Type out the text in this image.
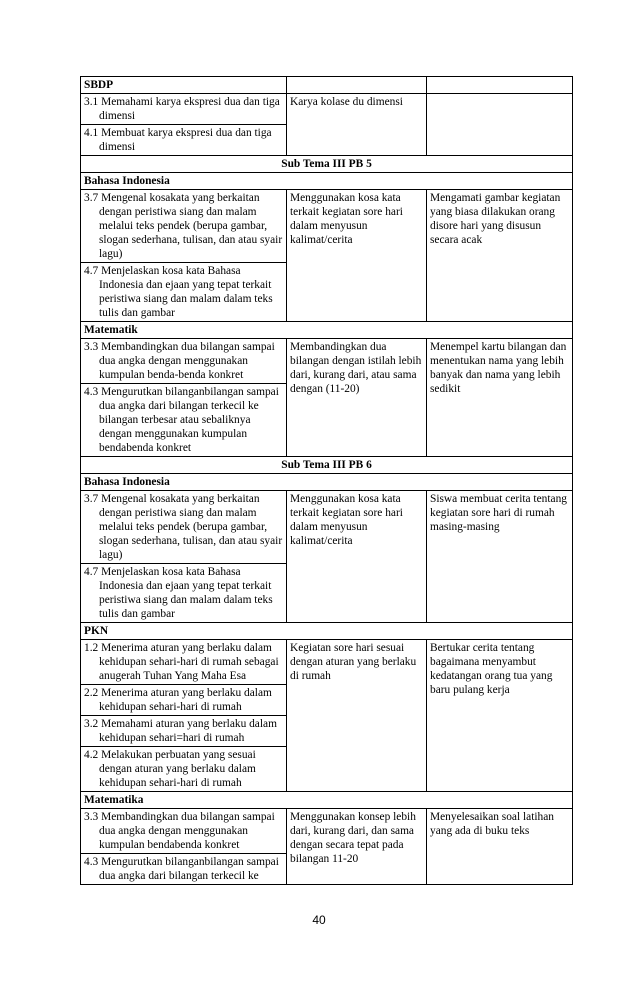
SBDP		

3.1 Memahami karya ekspresi dua dan tiga dimensi	Karya kolase du dimensi	

4.1 Membuat karya ekspresi dua dan tiga dimensi		

Sub Tema III PB 5		
Bahasa Indonesia		

3.7 Mengenal kosakata yang berkaitan dengan peristiwa siang dan malam melalui teks pendek (berupa gambar, slogan sederhana, tulisan, dan atau syair lagu)	Menggunakan kosa kata terkait kegiatan sore hari dalam menyusun kalimat/cerita	Mengamati gambar kegiatan yang biasa dilakukan orang disore hari yang disusun secara acak

4.7 Menjelaskan kosa kata Bahasa Indonesia dan ejaan yang tepat terkait peristiwa siang dan malam dalam teks tulis dan gambar		

Matematik		

3.3 Membandingkan dua bilangan sampai dua angka dengan menggunakan kumpulan benda-benda konkret	Membandingkan dua bilangan dengan istilah lebih dari, kurang dari, atau sama dengan (11-20)	Menempel kartu bilangan dan menentukan nama yang lebih banyak dan nama yang lebih sedikit

4.3 Mengurutkan bilanganbilangan sampai dua angka dari bilangan terkecil ke bilangan terbesar atau sebaliknya dengan menggunakan kumpulan bendabenda konkret		

Sub Tema III PB 6		
Bahasa Indonesia		

3.7 Mengenal kosakata yang berkaitan dengan peristiwa siang dan malam melalui teks pendek (berupa gambar, slogan sederhana, tulisan, dan atau syair lagu)	Menggunakan kosa kata terkait kegiatan sore hari dalam menyusun kalimat/cerita	Siswa membuat cerita tentang kegiatan sore hari di rumah masing-masing

4.7 Menjelaskan kosa kata Bahasa Indonesia dan ejaan yang tepat terkait peristiwa siang dan malam dalam teks tulis dan gambar		

PKN		

1.2 Menerima aturan yang berlaku dalam kehidupan sehari-hari di rumah sebagai anugerah Tuhan Yang Maha Esa	Kegiatan sore hari sesuai dengan aturan yang berlaku di rumah	Bertukar cerita tentang bagaimana menyambut kedatangan orang tua yang baru pulang kerja

2.2 Menerima aturan yang berlaku dalam kehidupan sehari-hari di rumah		

3.2 Memahami aturan yang berlaku dalam kehidupan sehari=hari di rumah		

4.2 Melakukan perbuatan yang sesuai dengan aturan yang berlaku dalam kehidupan sehari-hari di rumah		

Matematika		

3.3 Membandingkan dua bilangan sampai dua angka dengan menggunakan kumpulan bendabenda konkret	Menggunakan konsep lebih dari, kurang dari, dan sama dengan secara tepat pada bilangan 11-20	Menyelesaikan soal latihan yang ada di buku teks

4.3 Mengurutkan bilanganbilangan sampai dua angka dari bilangan terkecil ke		
40
